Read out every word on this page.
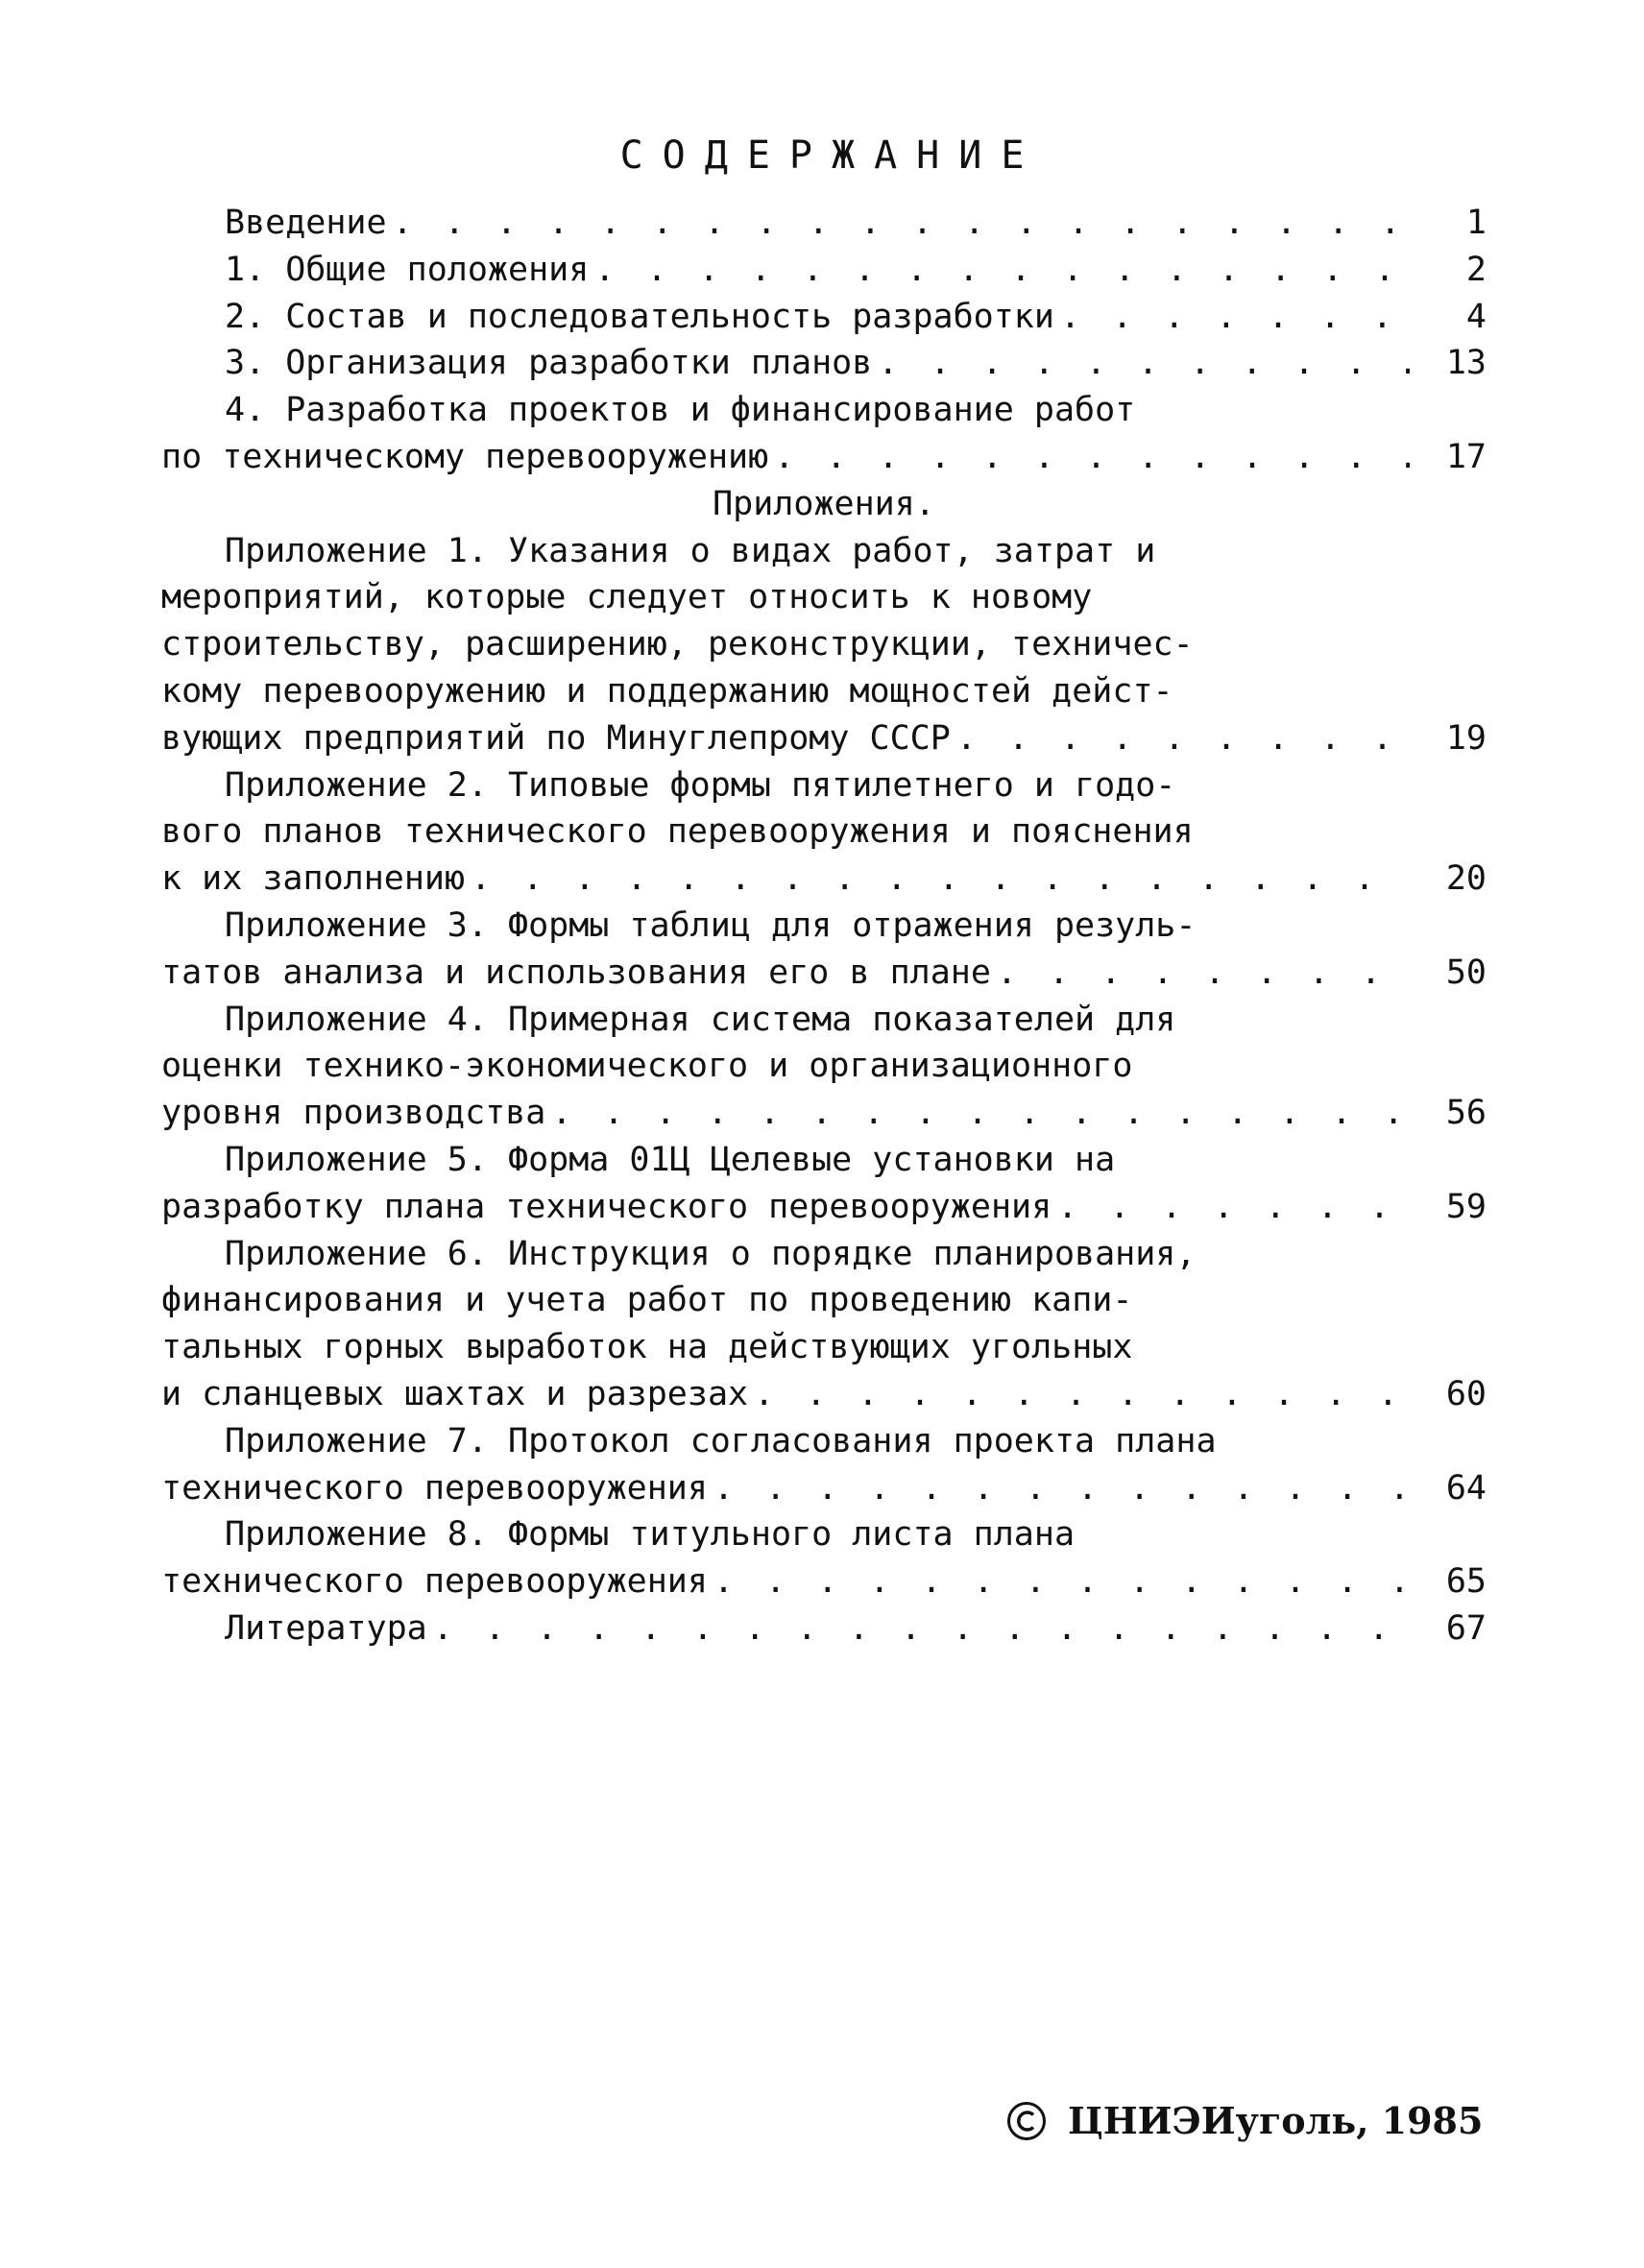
СОДЕРЖАНИЕ
Введение . . .	1
1. Общие положения . . .	2
2. Состав и последовательность разработки . . .	4
3. Организация разработки планов . . .	13
4. Разработка проектов и финансирование работ
по техническому перевооружению . . .	17
Приложения.
Приложение 1. Указания о видах работ, затрат и
мероприятий, которые следует относить к новому
строительству, расширению, реконструкции, техничес-
кому перевооружению и поддержанию мощностей дейст-
вующих предприятий по Минуглепрому СССР . . .	19
Приложение 2. Типовые формы пятилетнего и годо-
вого планов технического перевооружения и пояснения
к их заполнению . . .	20
Приложение 3. Формы таблиц для отражения резуль-
татов анализа и использования его в плане . . .	50
Приложение 4. Примерная система показателей для
оценки технико-экономического и организационного
уровня производства . . .	56
Приложение 5. Форма 01Ц Целевые установки на
разработку плана технического перевооружения . . .	59
Приложение 6. Инструкция о порядке планирования,
финансирования и учета работ по проведению капи-
тальных горных выработок на действующих угольных
и сланцевых шахтах и разрезах . . .	60
Приложение 7. Протокол согласования проекта плана
технического перевооружения . . .	64
Приложение 8. Формы титульного листа плана
технического перевооружения . . .	65
Литература . . .	67
ЦНИЭИуголь, 1985
